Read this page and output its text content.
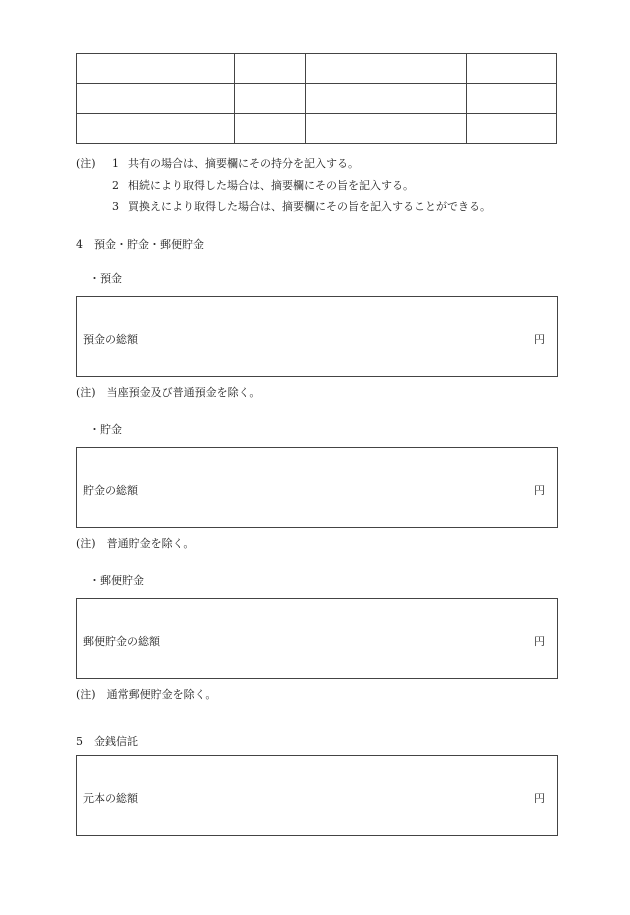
(注) 1 共有の場合は、摘要欄にその持分を記入する。
2 相続により取得した場合は、摘要欄にその旨を記入する。
3 買換えにより取得した場合は、摘要欄にその旨を記入することができる。
4　預金・貯金・郵便貯金
・預金
預金の総額	円
(注)　当座預金及び普通預金を除く。
・貯金
貯金の総額	円
(注)　普通貯金を除く。
・郵便貯金
郵便貯金の総額	円
(注)　通常郵便貯金を除く。
5　金銭信託
元本の総額	円
